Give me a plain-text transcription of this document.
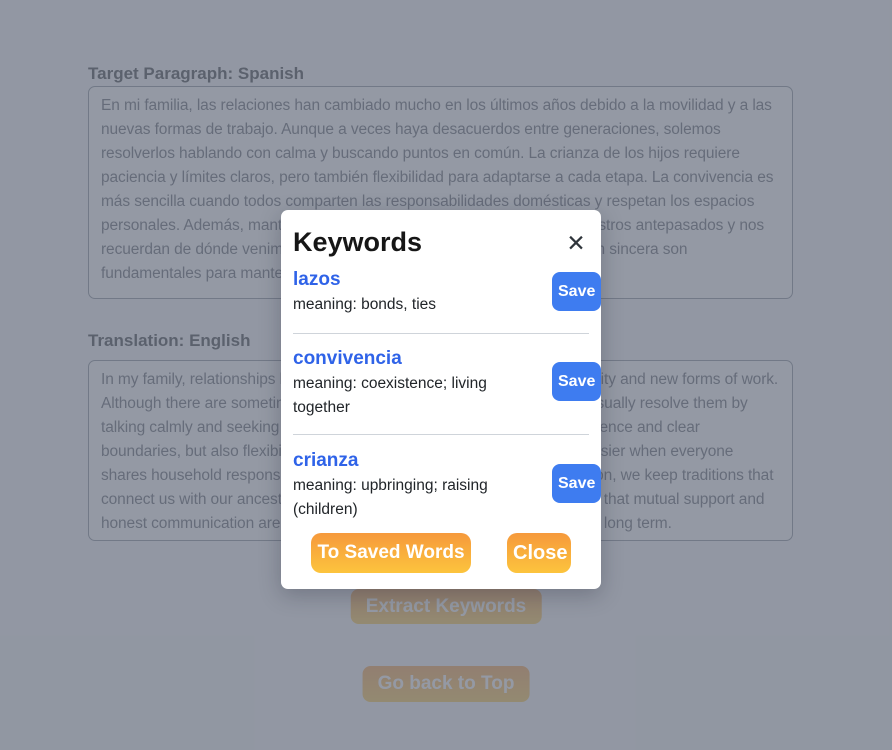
En mi familia, las relaciones han cambiado mucho en los últimos años debido a la movilidad y a las nuevas formas de trabajo. Aunque a veces haya desacuerdos entre generaciones, solemos resolverlos hablando con calma y buscando puntos en común. La crianza de los hijos requiere paciencia y límites claros, pero también flexibilidad para adaptarse a cada etapa. La convivencia es más sencilla cuando todos comparten las responsabilidades domésticas y respetan los espacios personales. Además, mantenemos tradiciones que nos conectan con nuestros antepasados y nos recuerdan de dónde venimos. Creo que el apoyo mutuo y la comunicación sincera son fundamentales para mantener los lazos.
In my family, relationships have changed a lot in recent years due to mobility and new forms of work. Although there are sometimes disagreements between generations, we usually resolve them by talking calmly and seeking common ground. Raising children requires patience and clear boundaries, but also flexibility to adapt to each stage. Living together is easier when everyone shares household responsibilities and respects personal spaces. In addition, we keep traditions that connect us with our ancestors and remind us where we come from. I think that mutual support and honest communication are fundamental to maintaining family bonds in the long term.
Keywords	✕
lazos
meaning: bonds, ties
Save
convivencia
meaning: coexistence; living together
Save
crianza
meaning: upbringing; raising (children)
Save
To Saved Words	Close
